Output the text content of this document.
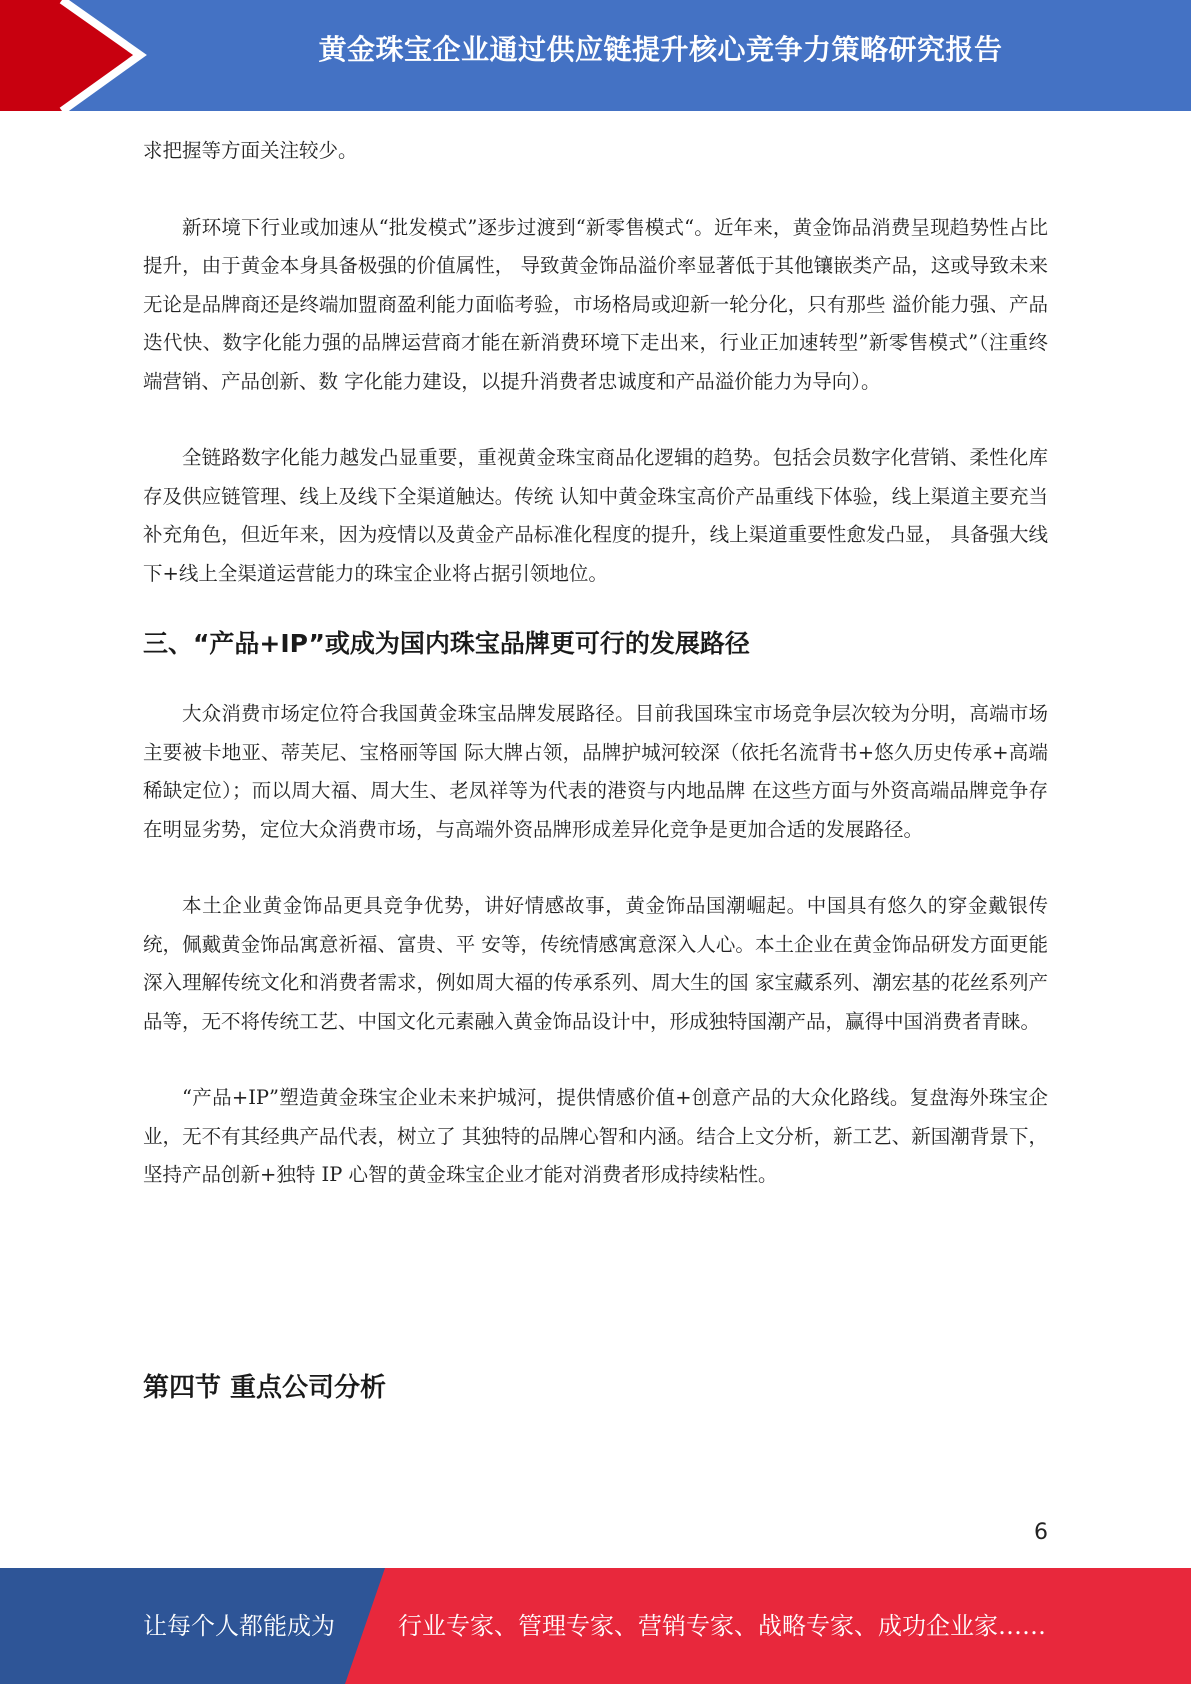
黄金珠宝企业通过供应链提升核心竞争力策略研究报告

求把握等方面关注较少。

新环境下行业或加速从“批发模式”逐步过渡到“新零售模式“。近年来，黄金饰品消费呈现趋势性占比提升，由于黄金本身具备极强的价值属性， 导致黄金饰品溢价率显著低于其他镶嵌类产品，这或导致未来无论是品牌商还是终端加盟商盈利能力面临考验，市场格局或迎新一轮分化，只有那些 溢价能力强、产品迭代快、数字化能力强的品牌运营商才能在新消费环境下走出来，行业正加速转型”新零售模式”（注重终端营销、产品创新、数 字化能力建设，以提升消费者忠诚度和产品溢价能力为导向）。

全链路数字化能力越发凸显重要，重视黄金珠宝商品化逻辑的趋势。包括会员数字化营销、柔性化库存及供应链管理、线上及线下全渠道触达。传统 认知中黄金珠宝高价产品重线下体验，线上渠道主要充当补充角色，但近年来，因为疫情以及黄金产品标准化程度的提升，线上渠道重要性愈发凸显， 具备强大线下+线上全渠道运营能力的珠宝企业将占据引领地位。

三、“产品+IP”或成为国内珠宝品牌更可行的发展路径

大众消费市场定位符合我国黄金珠宝品牌发展路径。目前我国珠宝市场竞争层次较为分明，高端市场主要被卡地亚、蒂芙尼、宝格丽等国 际大牌占领，品牌护城河较深（依托名流背书+悠久历史传承+高端稀缺定位）；而以周大福、周大生、老凤祥等为代表的港资与内地品牌 在这些方面与外资高端品牌竞争存在明显劣势，定位大众消费市场，与高端外资品牌形成差异化竞争是更加合适的发展路径。

本土企业黄金饰品更具竞争优势，讲好情感故事，黄金饰品国潮崛起。中国具有悠久的穿金戴银传统，佩戴黄金饰品寓意祈福、富贵、平 安等，传统情感寓意深入人心。本土企业在黄金饰品研发方面更能深入理解传统文化和消费者需求，例如周大福的传承系列、周大生的国 家宝藏系列、潮宏基的花丝系列产品等，无不将传统工艺、中国文化元素融入黄金饰品设计中，形成独特国潮产品，赢得中国消费者青睐。

“产品+IP”塑造黄金珠宝企业未来护城河，提供情感价值+创意产品的大众化路线。复盘海外珠宝企业，无不有其经典产品代表，树立了 其独特的品牌心智和内涵。结合上文分析，新工艺、新国潮背景下，坚持产品创新+独特 IP 心智的黄金珠宝企业才能对消费者形成持续粘性。

第四节 重点公司分析
6
让每个人都能成为	行业专家、管理专家、营销专家、战略专家、成功企业家……
